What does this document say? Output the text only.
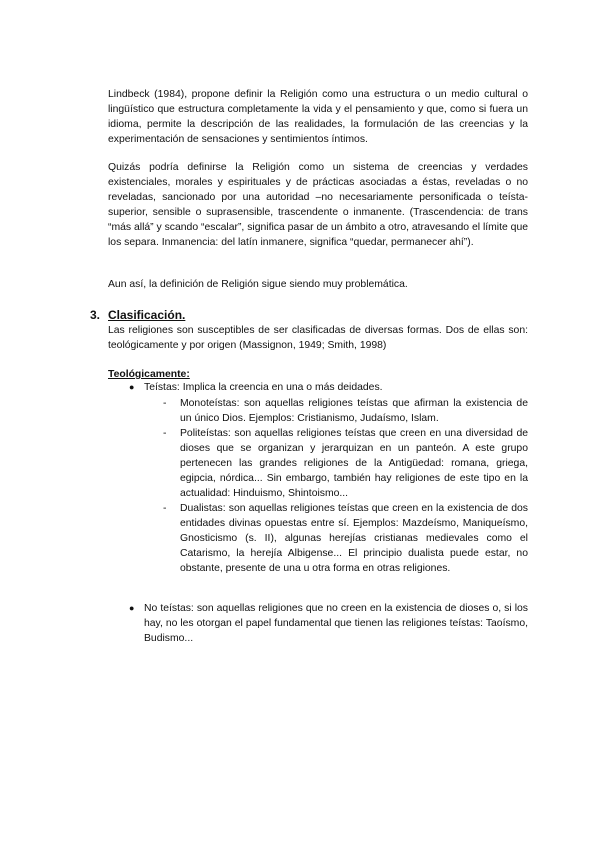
Lindbeck (1984), propone definir la Religión como una estructura o un medio cultural o lingüístico que estructura completamente la vida y el pensamiento y que, como si fuera un idioma, permite la descripción de las realidades, la formulación de las creencias y la experimentación de sensaciones y sentimientos íntimos.

Quizás podría definirse la Religión como un sistema de creencias y verdades existenciales, morales y espirituales y de prácticas asociadas a éstas, reveladas o no reveladas, sancionado por una autoridad –no necesariamente personificada o teísta- superior, sensible o suprasensible, trascendente o inmanente. (Trascendencia: de trans “más allá” y scando “escalar”, significa pasar de un ámbito a otro, atravesando el límite que los separa. Inmanencia: del latín inmanere, significa “quedar, permanecer ahí”).

Aun así, la definición de Religión sigue siendo muy problemática.

3. Clasificación.

Las religiones son susceptibles de ser clasificadas de diversas formas. Dos de ellas son: teológicamente y por origen (Massignon, 1949; Smith, 1998)

Teológicamente:
● Teístas: Implica la creencia en una o más deidades.

- Monoteístas: son aquellas religiones teístas que afirman la existencia de un único Dios. Ejemplos: Cristianismo, Judaísmo, Islam.

- Politeístas: son aquellas religiones teístas que creen en una diversidad de dioses que se organizan y jerarquizan en un panteón. A este grupo pertenecen las grandes religiones de la Antigüedad: romana, griega, egipcia, nórdica... Sin embargo, también hay religiones de este tipo en la actualidad: Hinduismo, Shintoismo...

- Dualistas: son aquellas religiones teístas que creen en la existencia de dos entidades divinas opuestas entre sí. Ejemplos: Mazdeísmo, Maniqueísmo, Gnosticismo (s. II), algunas herejías cristianas medievales como el Catarismo, la herejía Albigense... El principio dualista puede estar, no obstante, presente de una u otra forma en otras religiones.

● No teístas: son aquellas religiones que no creen en la existencia de dioses o, si los hay, no les otorgan el papel fundamental que tienen las religiones teístas: Taoísmo, Budismo...
